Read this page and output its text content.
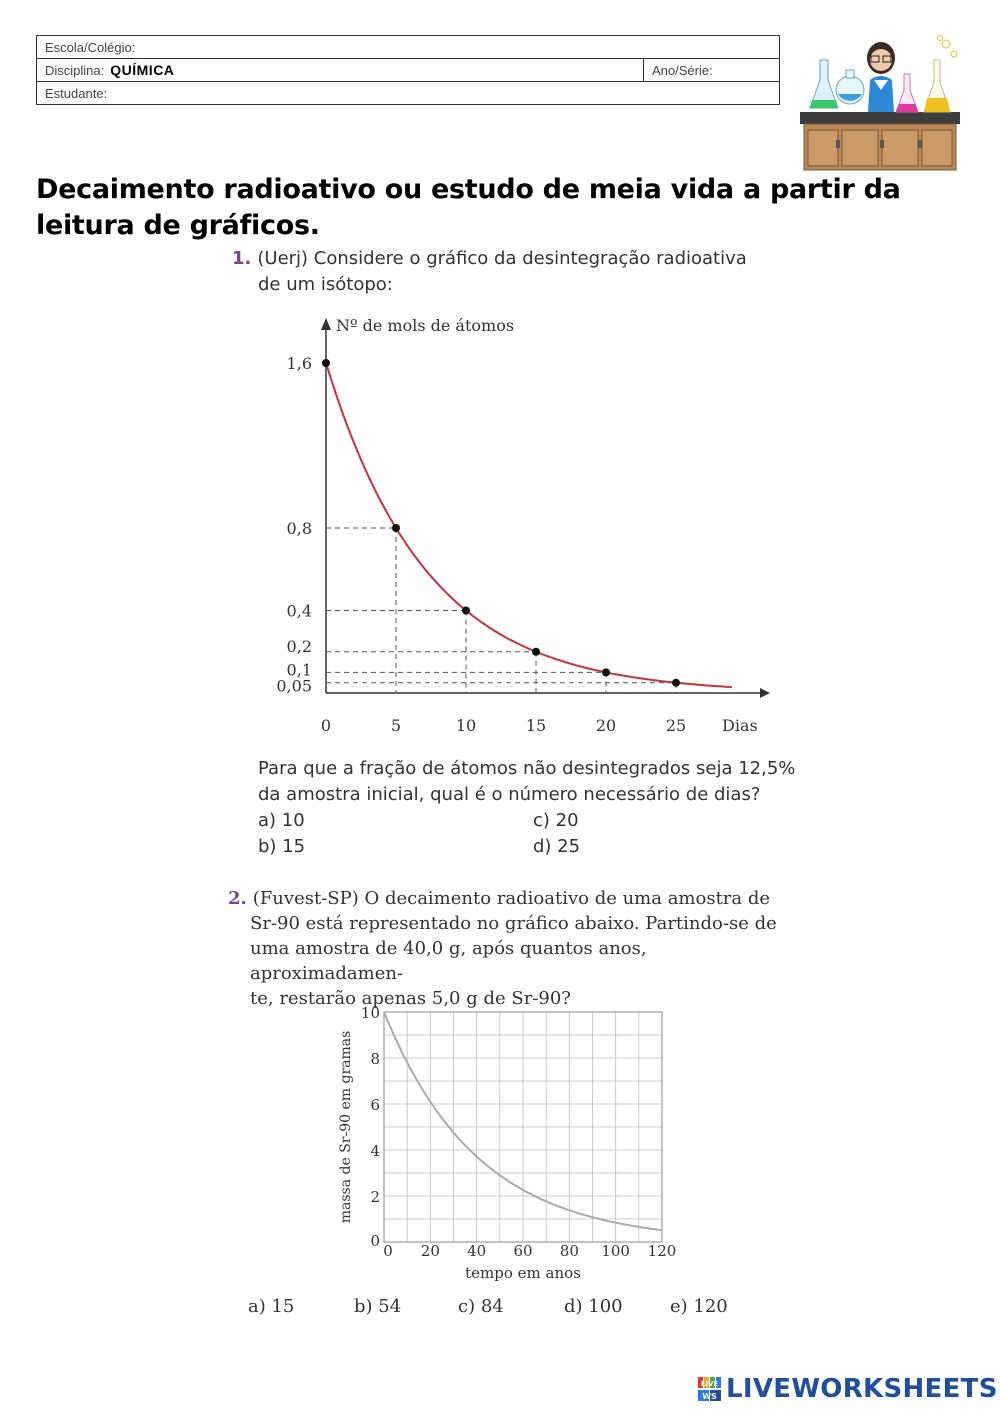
Escola/Colégio:
Disciplina: QUÍMICA	Ano/Série:
Estudante:
Decaimento radioativo ou estudo de meia vida a partir da leitura de gráficos.
1. (Uerj) Considere o gráfico da desintegração radioativa
de um isótopo:
Nº de mols de átomos
Dias
0	5	10	15	20	25
1,6
0,8
0,4
0,2
0,1
0,05
Para que a fração de átomos não desintegrados seja 12,5%
da amostra inicial, qual é o número necessário de dias?
a) 10	c) 20
b) 15	d) 25
2. (Fuvest-SP) O decaimento radioativo de uma amostra de
Sr-90 está representado no gráfico abaixo. Partindo-se de
uma amostra de 40,0 g, após quantos anos, aproximadamen-
te, restarão apenas 5,0 g de Sr-90?
0 20 40 60 80 100 120
0
2
4
6
8
10
tempo em anos
massa de Sr-90 em gramas
a) 15	b) 54	c) 84	d) 100	e) 120
LIVE
WS LIVEWORKSHEETS
